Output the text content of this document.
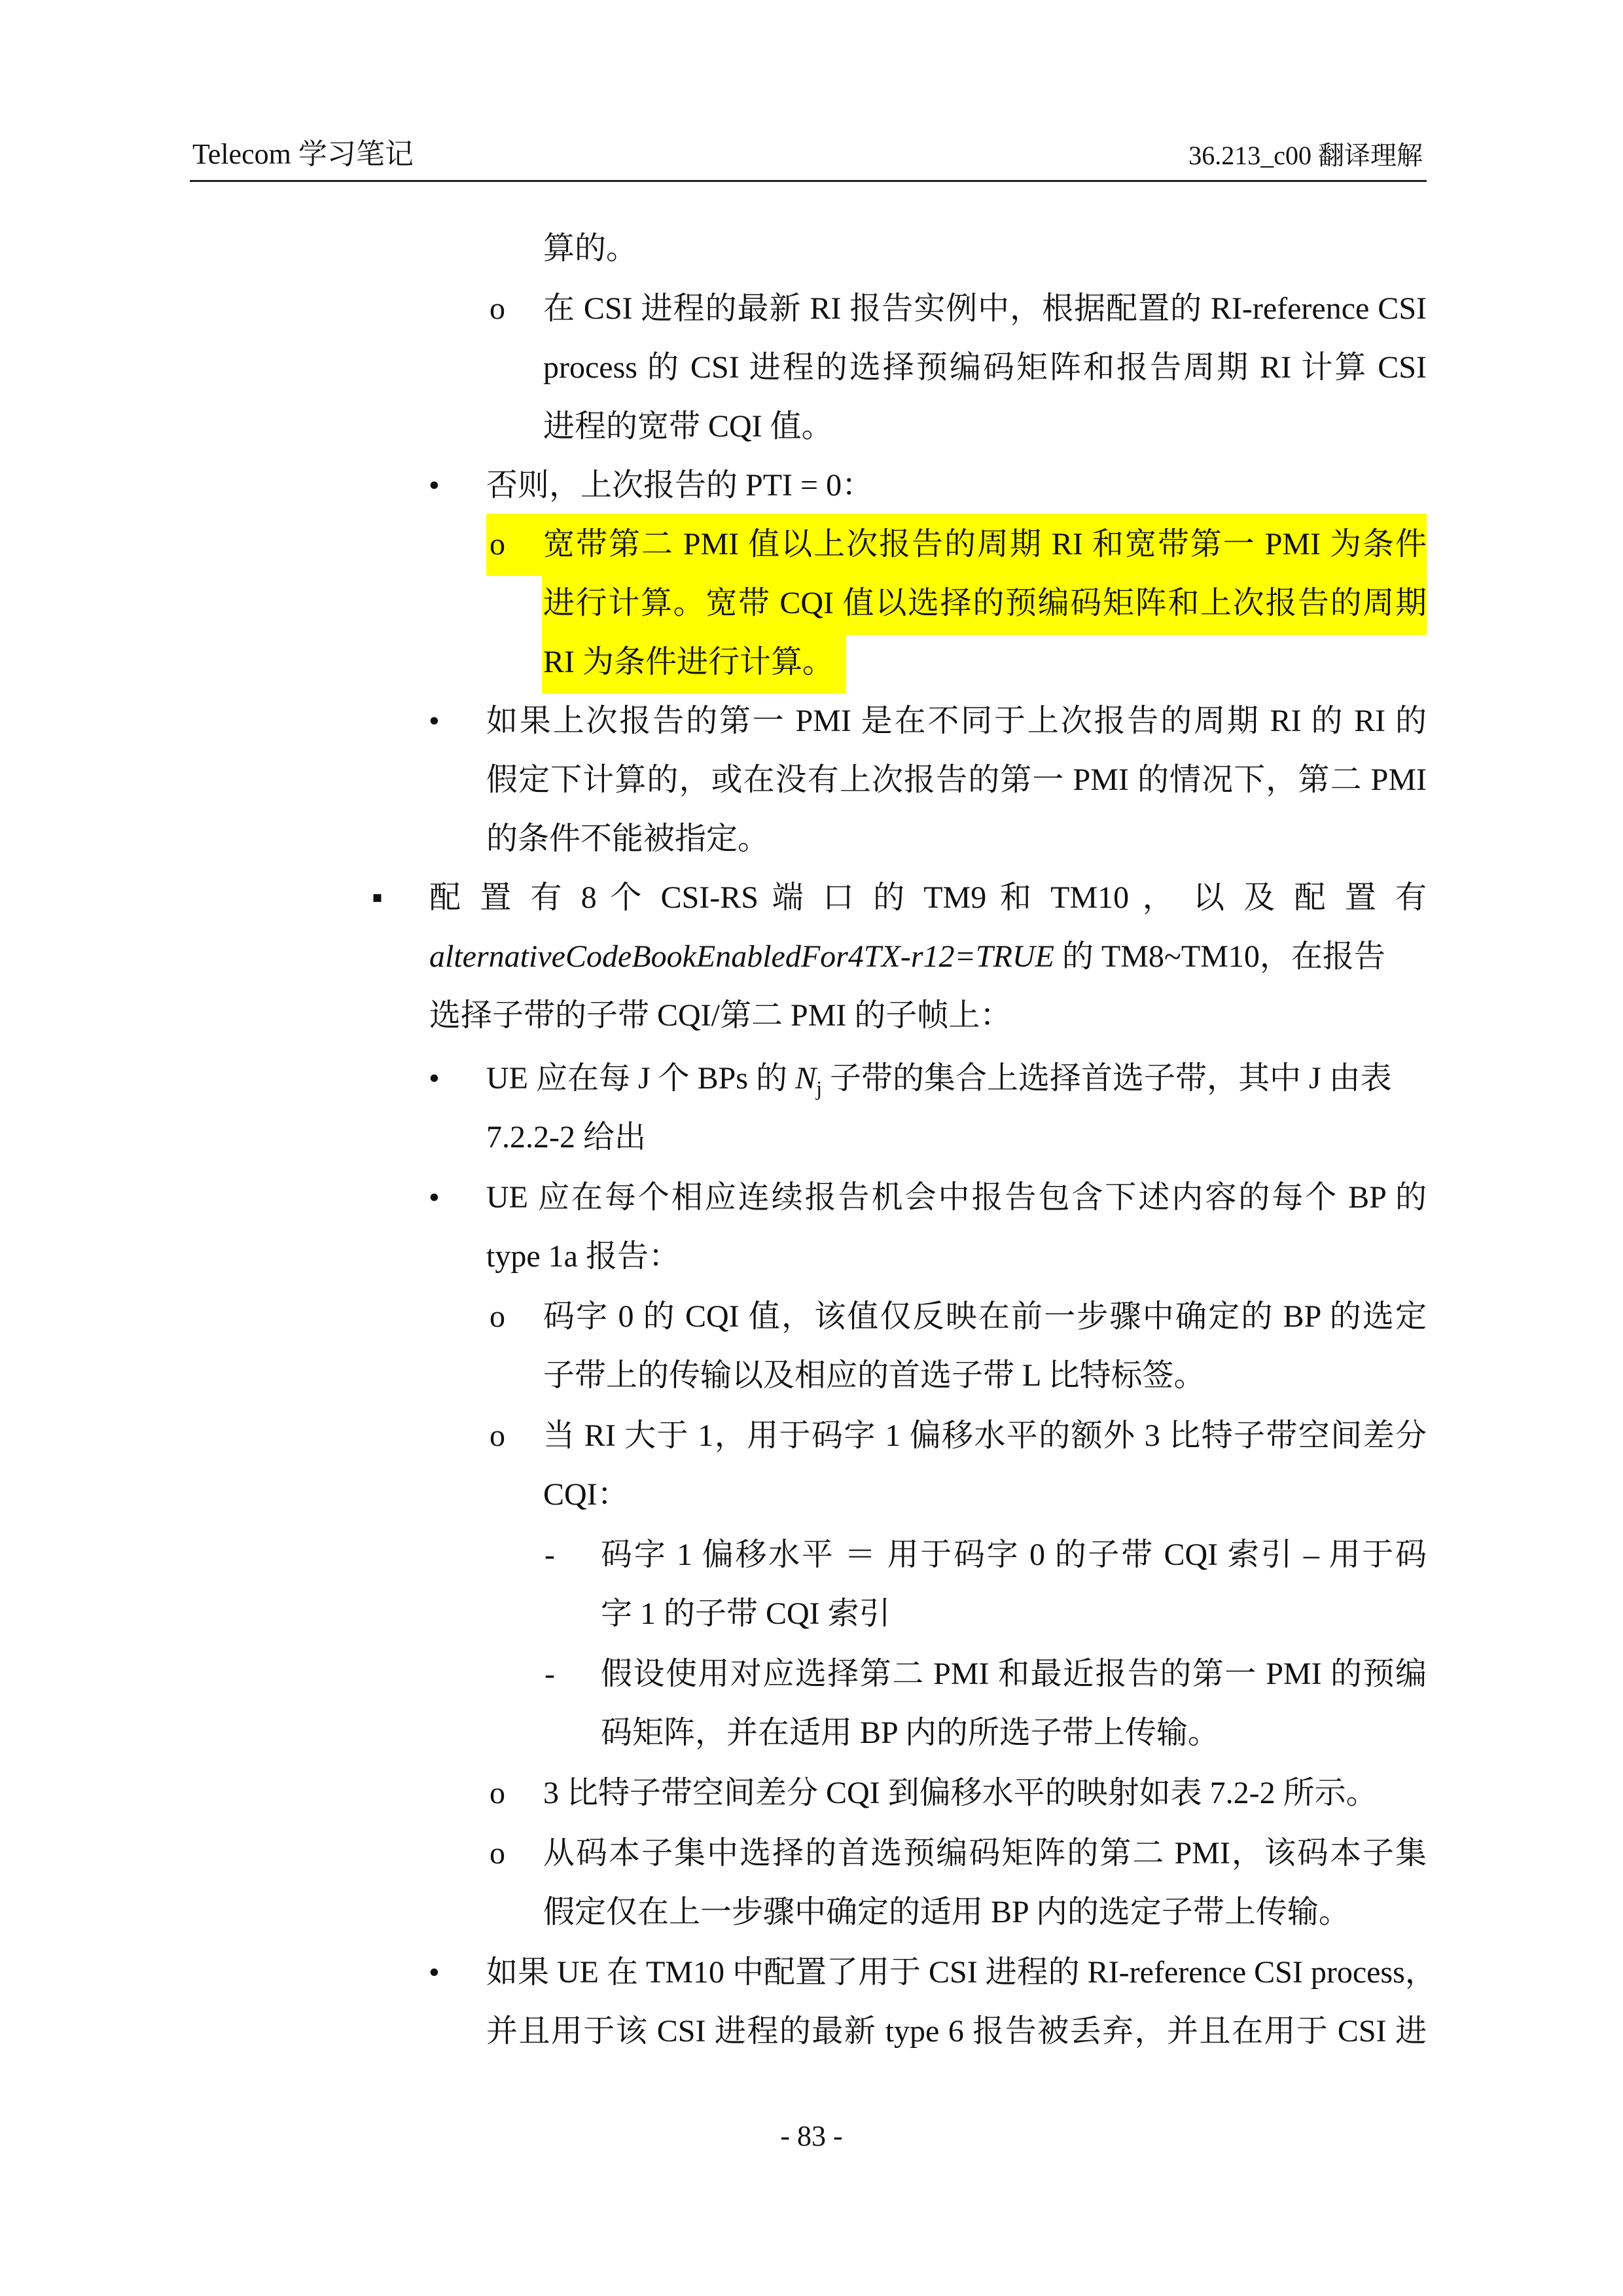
Telecom 学习笔记	36.213_c00 翻译理解
算的。
o 在 CSI 进程的最新 RI 报告实例中，根据配置的 RI-reference CSI
process 的 CSI 进程的选择预编码矩阵和报告周期 RI 计算 CSI
进程的宽带 CQI 值。
• 否则，上次报告的 PTI = 0：
o 宽带第二 PMI 值以上次报告的周期 RI 和宽带第一 PMI 为条件
进行计算。宽带 CQI 值以选择的预编码矩阵和上次报告的周期
RI 为条件进行计算。
• 如果上次报告的第一 PMI 是在不同于上次报告的周期 RI 的 RI 的
假定下计算的，或在没有上次报告的第一 PMI 的情况下，第二 PMI
的条件不能被指定。
▪ 配 置 有 8 个 CSI-RS 端 口 的 TM9 和 TM10 ， 以 及 配 置 有
alternativeCodeBookEnabledFor4TX-r12=TRUE 的 TM8~TM10，在报告
选择子带的子带 CQI/第二 PMI 的子帧上：
• UE 应在每 J 个 BPs 的 $N_j$ 子带的集合上选择首选子带，其中 J 由表
7.2.2-2 给出
• UE 应在每个相应连续报告机会中报告包含下述内容的每个 BP 的
type 1a 报告：
o 码字 0 的 CQI 值，该值仅反映在前一步骤中确定的 BP 的选定
子带上的传输以及相应的首选子带 L 比特标签。
o 当 RI 大于 1，用于码字 1 偏移水平的额外 3 比特子带空间差分
CQI：
- 码字 1 偏移水平 ＝ 用于码字 0 的子带 CQI 索引 – 用于码
字 1 的子带 CQI 索引
- 假设使用对应选择第二 PMI 和最近报告的第一 PMI 的预编
码矩阵，并在适用 BP 内的所选子带上传输。
o 3 比特子带空间差分 CQI 到偏移水平的映射如表 7.2-2 所示。
o 从码本子集中选择的首选预编码矩阵的第二 PMI，该码本子集
假定仅在上一步骤中确定的适用 BP 内的选定子带上传输。
• 如果 UE 在 TM10 中配置了用于 CSI 进程的 RI-reference CSI process，
并且用于该 CSI 进程的最新 type 6 报告被丢弃，并且在用于 CSI 进
- 83 -
